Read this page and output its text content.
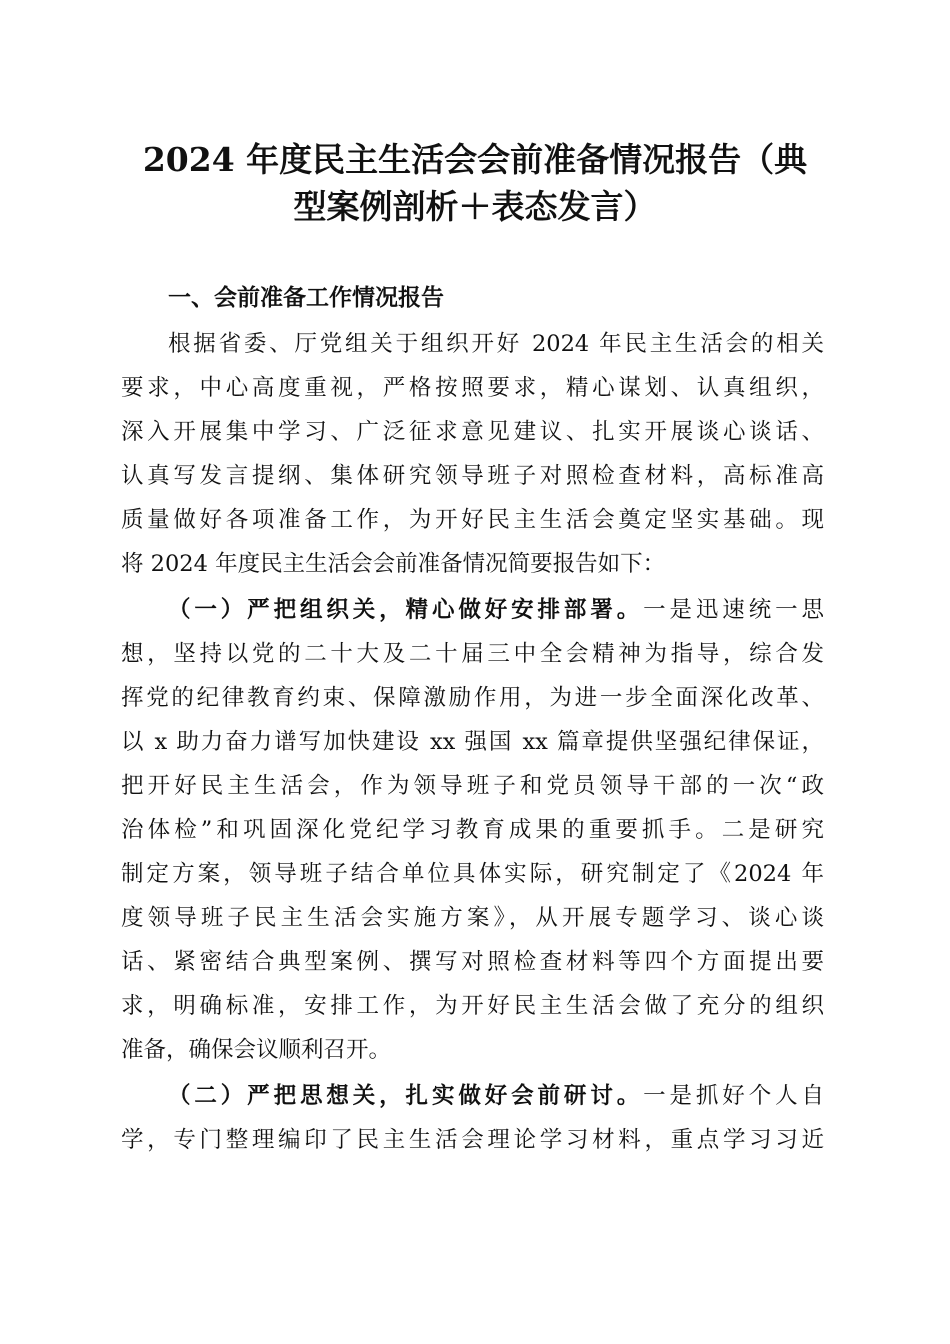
2024 年度民主生活会会前准备情况报告（典
型案例剖析＋表态发言）
一、会前准备工作情况报告

根据省委、厅党组关于组织开好 2024 年民主生活会的相关

要求，中心高度重视，严格按照要求，精心谋划、认真组织，

深入开展集中学习、广泛征求意见建议、扎实开展谈心谈话、

认真写发言提纲、集体研究领导班子对照检查材料，高标准高

质量做好各项准备工作，为开好民主生活会奠定坚实基础。现

将 2024 年度民主生活会会前准备情况简要报告如下：

（一）严把组织关，精心做好安排部署。一是迅速统一思

想，坚持以党的二十大及二十届三中全会精神为指导，综合发

挥党的纪律教育约束、保障激励作用，为进一步全面深化改革、

以 x 助力奋力谱写加快建设 xx 强国 xx 篇章提供坚强纪律保证，

把开好民主生活会，作为领导班子和党员领导干部的一次“政

治体检”和巩固深化党纪学习教育成果的重要抓手。二是研究

制定方案，领导班子结合单位具体实际，研究制定了《2024 年

度领导班子民主生活会实施方案》，从开展专题学习、谈心谈

话、紧密结合典型案例、撰写对照检查材料等四个方面提出要

求，明确标准，安排工作，为开好民主生活会做了充分的组织

准备，确保会议顺利召开。

（二）严把思想关，扎实做好会前研讨。一是抓好个人自

学，专门整理编印了民主生活会理论学习材料，重点学习习近
